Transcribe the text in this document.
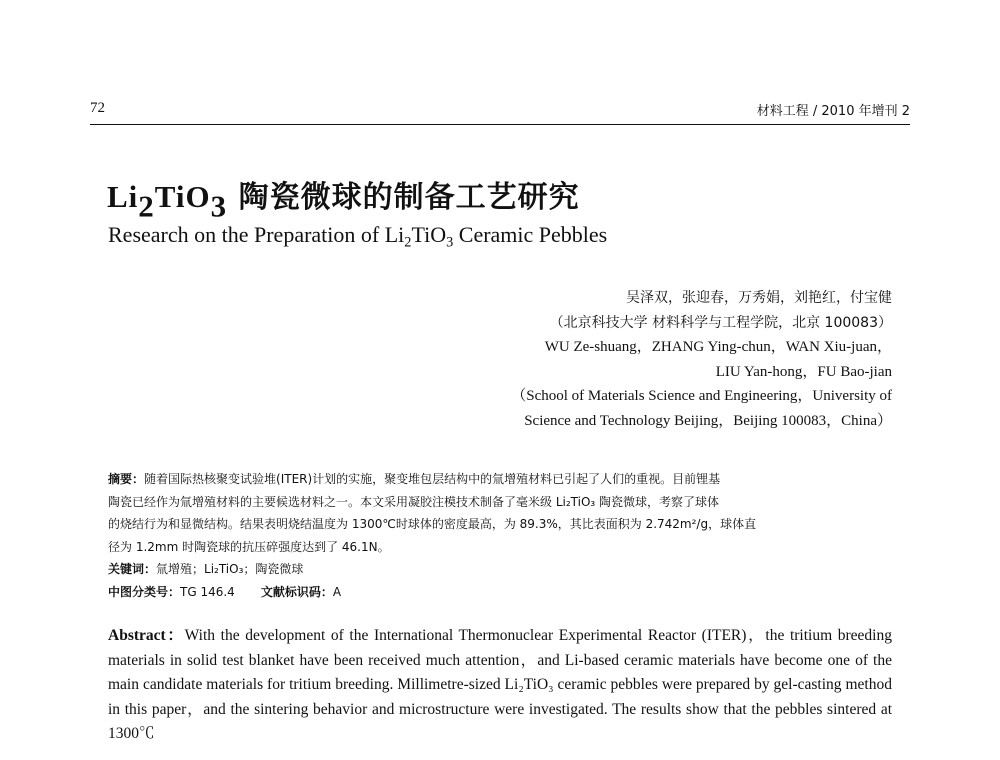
72	材料工程 / 2010 年增刊 2
$Li_2TiO_3$ 陶瓷微球的制备工艺研究
Research on the Preparation of $Li_2TiO_3$ Ceramic Pebbles
吴泽双，张迎春，万秀娟，刘艳红，付宝健
（北京科技大学 材料科学与工程学院，北京 100083）
WU Ze-shuang，ZHANG Ying-chun，WAN Xiu-juan，
LIU Yan-hong，FU Bao-jian
（School of Materials Science and Engineering，University of
Science and Technology Beijing，Beijing 100083，China）
摘要：随着国际热核聚变试验堆(ITER)计划的实施，聚变堆包层结构中的氚增殖材料已引起了人们的重视。目前锂基
陶瓷已经作为氚增殖材料的主要候选材料之一。本文采用凝胶注模技术制备了毫米级 Li₂TiO₃ 陶瓷微球，考察了球体
的烧结行为和显微结构。结果表明烧结温度为 1300℃时球体的密度最高，为 89.3%，其比表面积为 2.742m²/g，球体直
径为 1.2mm 时陶瓷球的抗压碎强度达到了 46.1N。
关键词：氚增殖；Li₂TiO₃；陶瓷微球
中图分类号：TG 146.4 文献标识码：A
Abstract：With the development of the International Thermonuclear Experimental Reactor (ITER)，the tritium breeding materials in solid test blanket have been received much attention，and Li-based ceramic materials have become one of the main candidate materials for tritium breeding. Millimetre-sized Li₂TiO₃ ceramic pebbles were prepared by gel-casting method in this paper，and the sintering behavior and microstructure were investigated. The results show that the pebbles sintered at 1300℃
